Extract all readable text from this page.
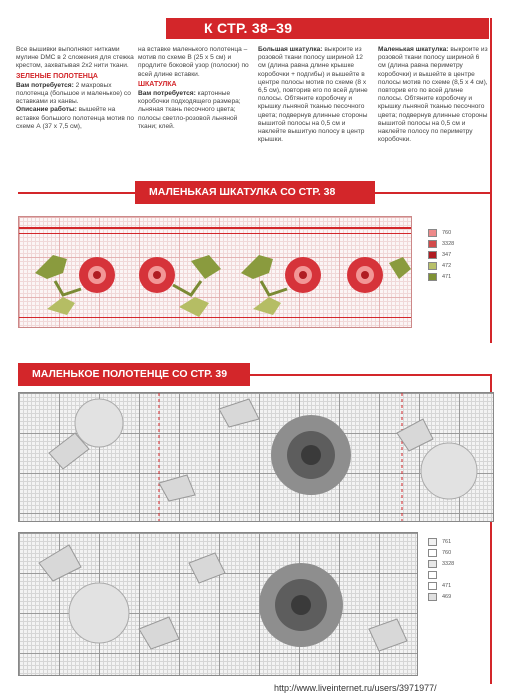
К СТР. 38–39
Все вышивки выполняют нитками мулине DMC в 2 сложения для стежка крестом, захватывая 2х2 нити ткани.
ЗЕЛЕНЫЕ ПОЛОТЕНЦА
Вам потребуется: 2 махровых полотенца (большое и маленькое) со вставками из канвы.
Описание работы: вышейте на вставке большого полотенца мотив по схеме А (37 х 7,5 см),
на вставке маленького полотенца – мотив по схеме В (25 х 5 см) и продлите боковой узор (полоски) по всей длине вставки.
ШКАТУЛКА
Вам потребуется: картонные коробочки подходящего размера; льняная ткань песочного цвета; полосы светло-розовой льняной ткани; клей.
Большая шкатулка: выкроите из розовой ткани полосу шириной 12 см (длина равна длине крышке коробочки + подгибы) и вышейте в центре полосы мотив по схеме (8 х 6,5 см), повторив его по всей длине полосы. Обтяните коробочку и крышку льняной тканью песочного цвета; подвернув длинные стороны вышитой полосы на 0,5 см и наклейте вышитую полосу в центр крышки.
Маленькая шкатулка: выкроите из розовой ткани полосу шириной 6 см (длина равна периметру коробочки) и вышейте в центре полосы мотив по схеме (8,5 х 4 см), повторив его по всей длине полосы. Обтяните коробочку и крышку льняной тканью песочного цвета; подвернув длинные стороны вышитой полосы на 0,5 см и наклейте полосу по периметру коробочки.
МАЛЕНЬКАЯ ШКАТУЛКА СО СТР. 38
760
3328
347
472
471
МАЛЕНЬКОЕ ПОЛОТЕНЦЕ СО СТР. 39
761
760
3328
471
469
http://www.liveinternet.ru/users/3971977/
